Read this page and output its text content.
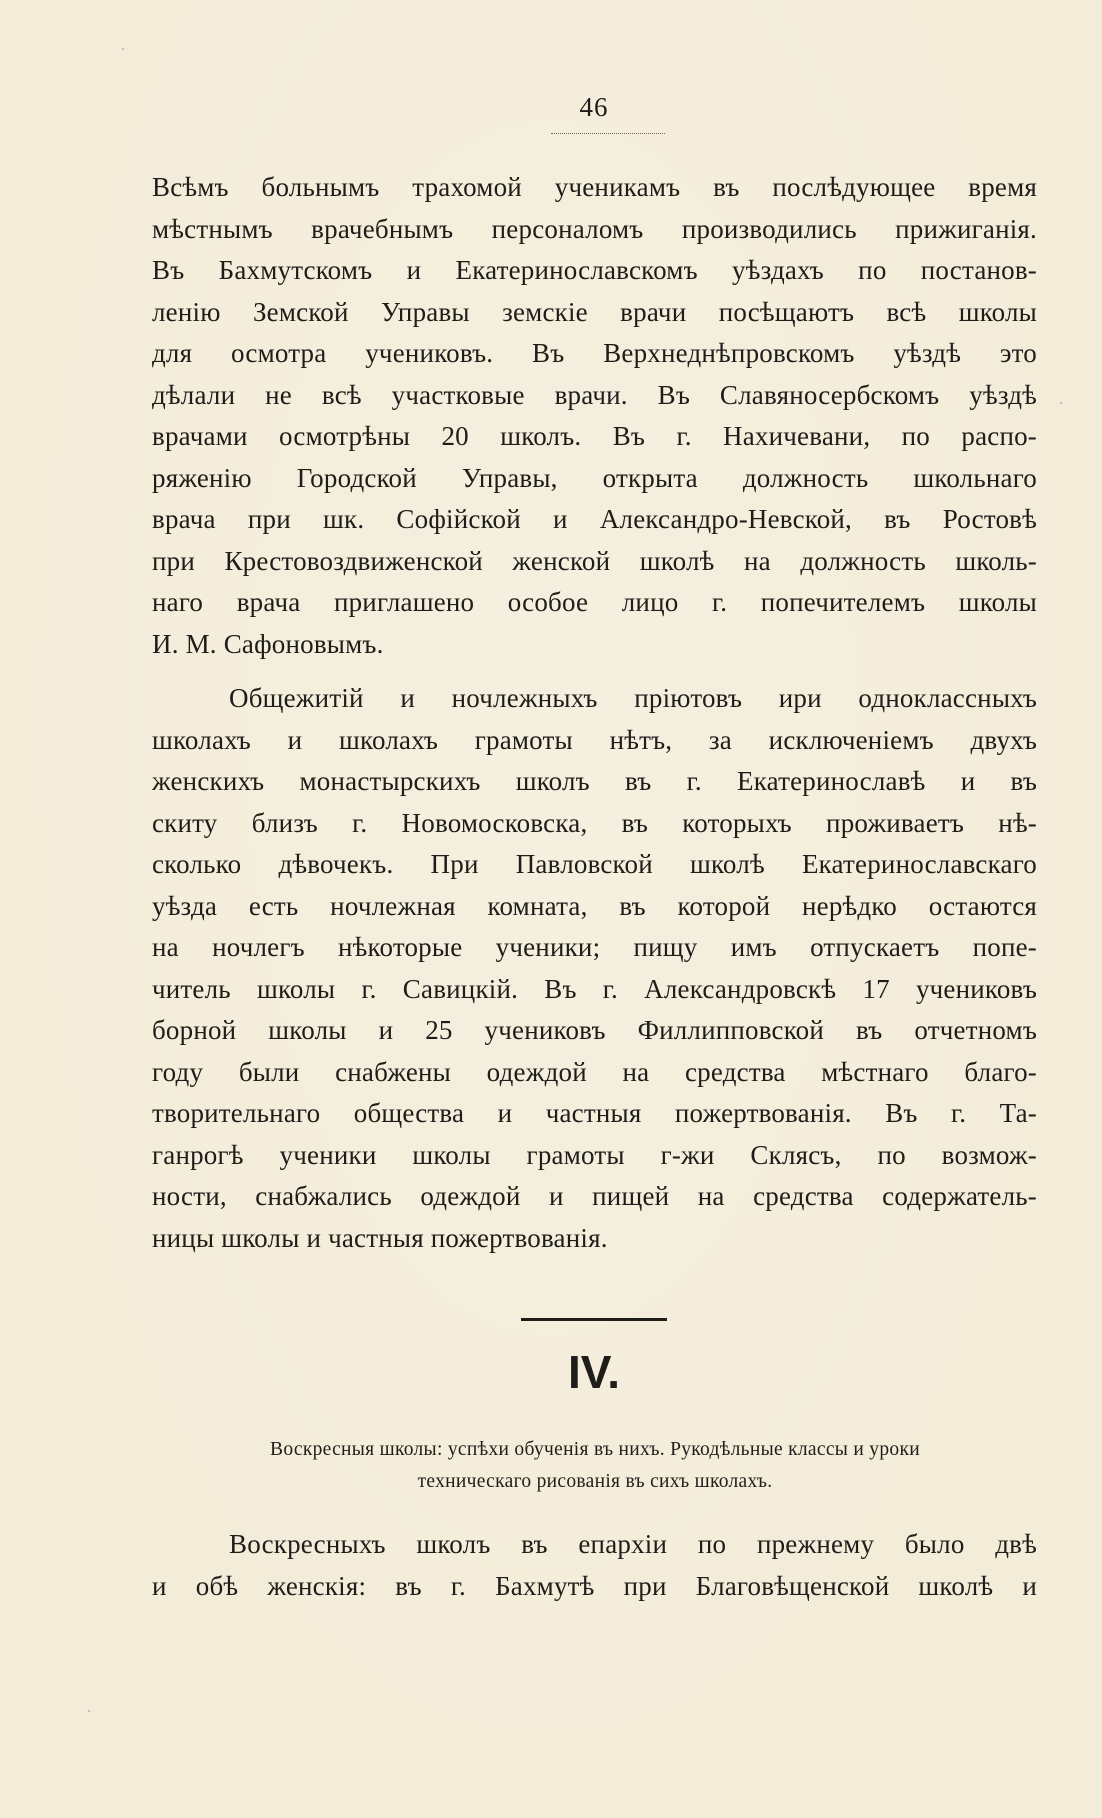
46
Всѣмъ больнымъ трахомой ученикамъ въ послѣдующее время
мѣстнымъ врачебнымъ персоналомъ производились прижиганія.
Въ Бахмутскомъ и Екатеринославскомъ уѣздахъ по постанов-
ленію Земской Управы земскіе врачи посѣщаютъ всѣ школы
для осмотра учениковъ. Въ Верхнеднѣпровскомъ уѣздѣ это
дѣлали не всѣ участковые врачи. Въ Славяносербскомъ уѣздѣ
врачами осмотрѣны 20 школъ. Въ г. Нахичевани, по распо-
ряженію Городской Управы, открыта должность школьнаго
врача при шк. Софійской и Александро-Невской, въ Ростовѣ
при Крестовоздвиженской женской школѣ на должность школь-
наго врача приглашено особое лицо г. попечителемъ школы
И. М. Сафоновымъ.
Общежитій и ночлежныхъ пріютовъ ири одноклассныхъ
школахъ и школахъ грамоты нѣтъ, за исключеніемъ двухъ
женскихъ монастырскихъ школъ въ г. Екатеринославѣ и въ
скиту близъ г. Новомосковска, въ которыхъ проживаетъ нѣ-
сколько дѣвочекъ. При Павловской школѣ Екатеринославскаго
уѣзда есть ночлежная комната, въ которой нерѣдко остаются
на ночлегъ нѣкоторые ученики; пищу имъ отпускаетъ попе-
читель школы г. Савицкій. Въ г. Александровскѣ 17 учениковъ
борной школы и 25 учениковъ Филлипповской въ отчетномъ
году были снабжены одеждой на средства мѣстнаго благо-
творительнаго общества и частныя пожертвованія. Въ г. Та-
ганрогѣ ученики школы грамоты г-жи Склясъ, по возмож-
ности, снабжались одеждой и пищей на средства содержатель-
ницы школы и частныя пожертвованія.
IV.
Воскресныя школы: успѣхи обученія въ нихъ. Рукодѣльные классы и уроки
техническаго рисованія въ сихъ школахъ.
Воскресныхъ школъ въ епархіи по прежнему было двѣ
и обѣ женскія: въ г. Бахмутѣ при Благовѣщенской школѣ и
